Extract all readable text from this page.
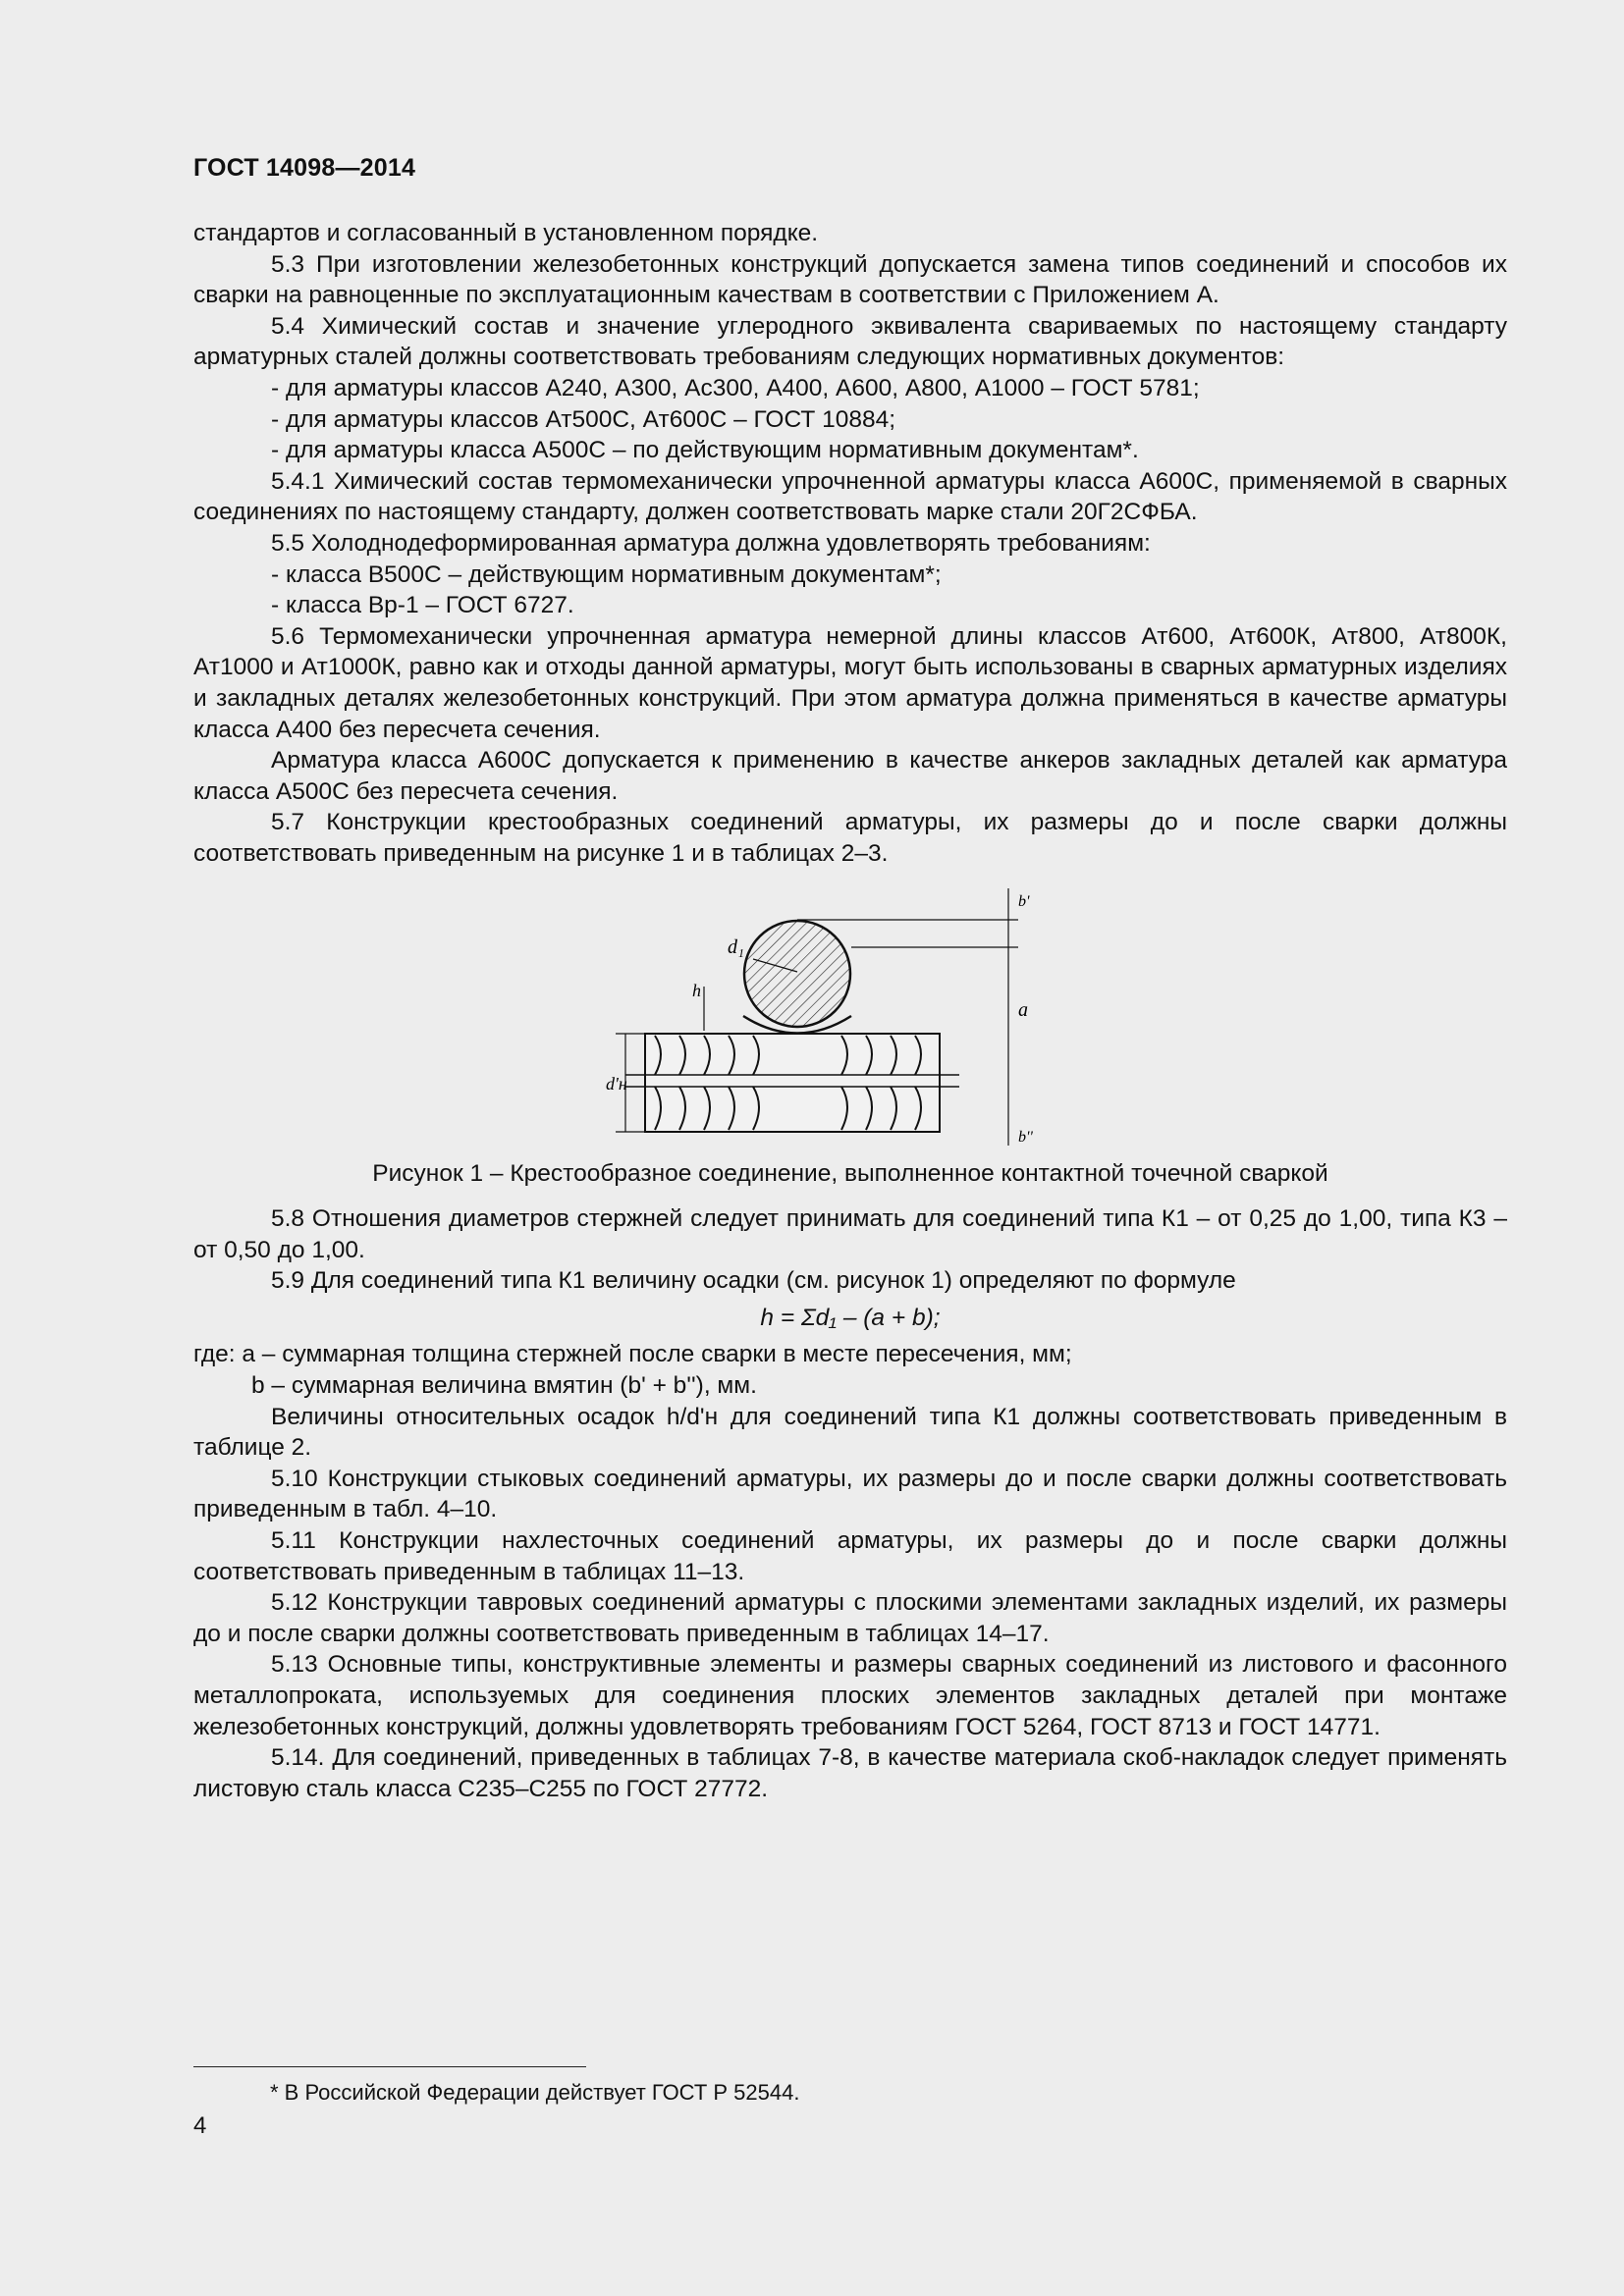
ГОСТ 14098—2014

стандартов и согласованный в установленном порядке.

5.3 При изготовлении железобетонных конструкций допускается замена типов соединений и способов их сварки на равноценные по эксплуатационным качествам в соответствии с Приложением А.

5.4 Химический состав и значение углеродного эквивалента свариваемых по настоящему стандарту арматурных сталей должны соответствовать требованиям следующих нормативных документов:

- для арматуры классов А240, А300, Ас300, А400, А600, А800, А1000 – ГОСТ 5781;

- для арматуры классов Ат500С, Ат600С – ГОСТ 10884;

- для арматуры класса А500С – по действующим нормативным документам*.

5.4.1 Химический состав термомеханически упрочненной арматуры класса А600С, применяемой в сварных соединениях по настоящему стандарту, должен соответствовать марке стали 20Г2СФБА.

5.5 Холоднодеформированная арматура должна удовлетворять требованиям:

- класса В500С – действующим нормативным документам*;

- класса Вр-1 – ГОСТ 6727.

5.6 Термомеханически упрочненная арматура немерной длины классов Ат600, Ат600К, Ат800, Ат800К, Ат1000 и Ат1000К, равно как и отходы данной арматуры, могут быть использованы в сварных арматурных изделиях и закладных деталях железобетонных конструкций. При этом арматура должна применяться в качестве арматуры класса А400 без пересчета сечения.

Арматура класса А600С допускается к применению в качестве анкеров закладных деталей как арматура класса А500С без пересчета сечения.

5.7 Конструкции крестообразных соединений арматуры, их размеры до и после сварки должны соответствовать приведенным на рисунке 1 и в таблицах 2–3.

d₁
h
a
b'
b''
d'н

Рисунок 1 – Крестообразное соединение, выполненное контактной точечной сваркой

5.8 Отношения диаметров стержней следует принимать для соединений типа К1 – от 0,25 до 1,00, типа К3 – от 0,50 до 1,00.

5.9 Для соединений типа К1 величину осадки (см. рисунок 1) определяют по формуле

h = Σd₁ – (a + b);

где: a – суммарная толщина стержней после сварки в месте пересечения, мм;

b – суммарная величина вмятин (b' + b''), мм.

Величины относительных осадок h/d'н для соединений типа К1 должны соответствовать приведенным в таблице 2.

5.10 Конструкции стыковых соединений арматуры, их размеры до и после сварки должны соответствовать приведенным в табл. 4–10.

5.11 Конструкции нахлесточных соединений арматуры, их размеры до и после сварки должны соответствовать приведенным в таблицах 11–13.

5.12 Конструкции тавровых соединений арматуры с плоскими элементами закладных изделий, их размеры до и после сварки должны соответствовать приведенным в таблицах 14–17.

5.13 Основные типы, конструктивные элементы и размеры сварных соединений из листового и фасонного металлопроката, используемых для соединения плоских элементов закладных деталей при монтаже железобетонных конструкций, должны удовлетворять требованиям ГОСТ 5264, ГОСТ 8713 и ГОСТ 14771.

5.14. Для соединений, приведенных в таблицах 7-8, в качестве материала скоб-накладок следует применять листовую сталь класса С235–С255 по ГОСТ 27772.

* В Российской Федерации действует ГОСТ Р 52544.
4
